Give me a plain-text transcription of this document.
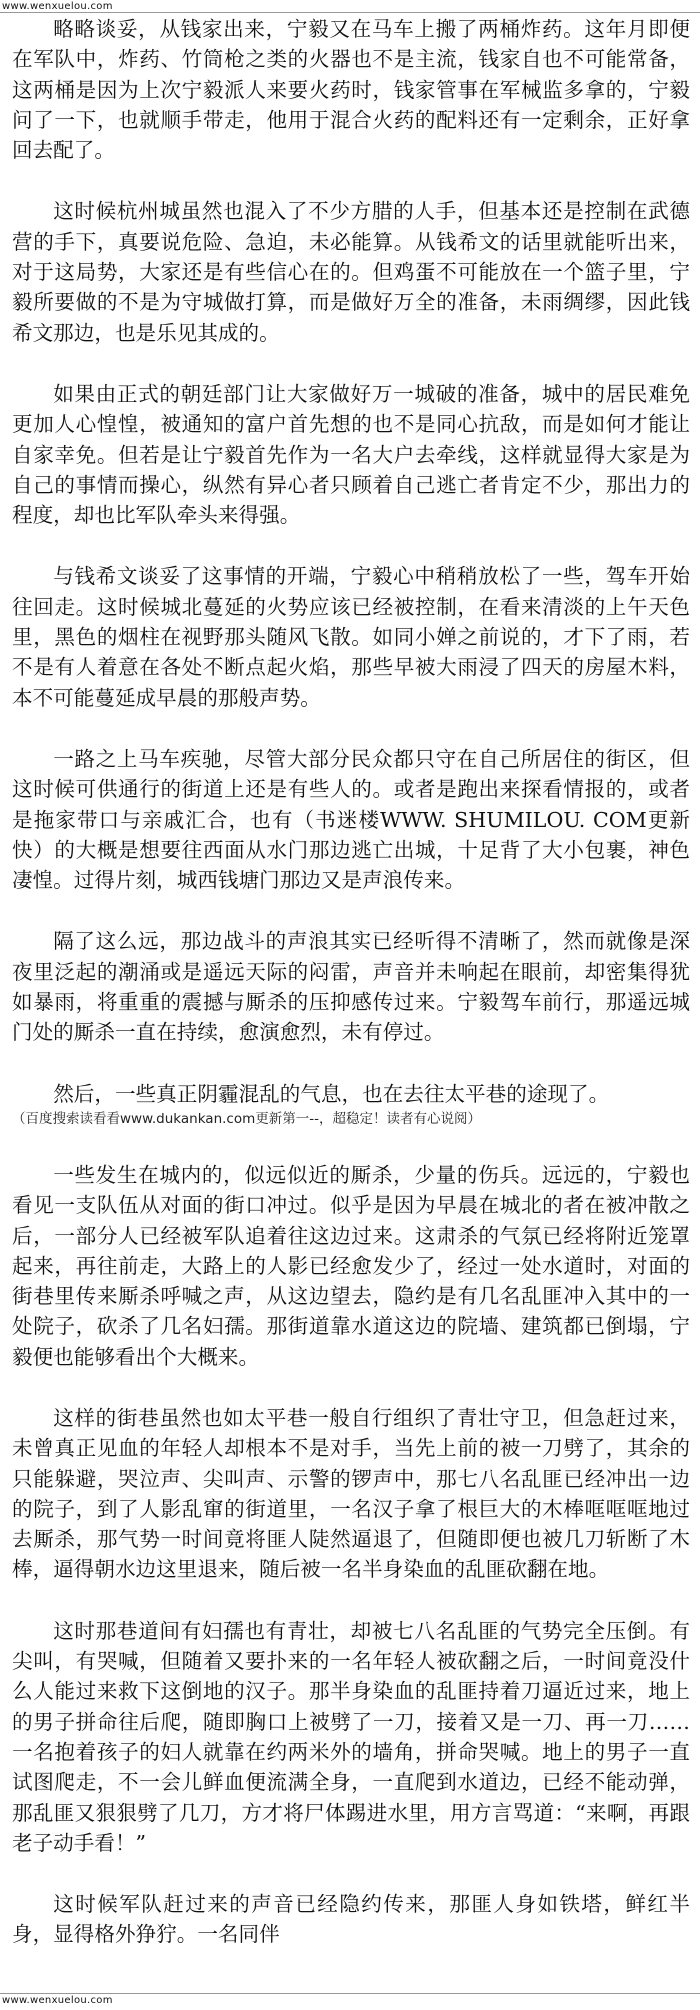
www.wenxuelou.com

略略谈妥，从钱家出来，宁毅又在马车上搬了两桶炸药。这年月即便在军队中，炸药、竹筒枪之类的火器也不是主流，钱家自也不可能常备，这两桶是因为上次宁毅派人来要火药时，钱家管事在军械监多拿的，宁毅问了一下，也就顺手带走，他用于混合火药的配料还有一定剩余，正好拿回去配了。

这时候杭州城虽然也混入了不少方腊的人手，但基本还是控制在武德营的手下，真要说危险、急迫，未必能算。从钱希文的话里就能听出来，对于这局势，大家还是有些信心在的。但鸡蛋不可能放在一个篮子里，宁毅所要做的不是为守城做打算，而是做好万全的准备，未雨绸缪，因此钱希文那边，也是乐见其成的。

如果由正式的朝廷部门让大家做好万一城破的准备，城中的居民难免更加人心惶惶，被通知的富户首先想的也不是同心抗敌，而是如何才能让自家幸免。但若是让宁毅首先作为一名大户去牵线，这样就显得大家是为自己的事情而操心，纵然有异心者只顾着自己逃亡者肯定不少，那出力的程度，却也比军队牵头来得强。

与钱希文谈妥了这事情的开端，宁毅心中稍稍放松了一些，驾车开始往回走。这时候城北蔓延的火势应该已经被控制，在看来清淡的上午天色里，黑色的烟柱在视野那头随风飞散。如同小婵之前说的，才下了雨，若不是有人着意在各处不断点起火焰，那些早被大雨浸了四天的房屋木料，本不可能蔓延成早晨的那般声势。

一路之上马车疾驰，尽管大部分民众都只守在自己所居住的街区，但这时候可供通行的街道上还是有些人的。或者是跑出来探看情报的，或者是拖家带口与亲戚汇合，也有（书迷楼WWW. SHUMILOU. COM更新快）的大概是想要往西面从水门那边逃亡出城，十足背了大小包裹，神色凄惶。过得片刻，城西钱塘门那边又是声浪传来。

隔了这么远，那边战斗的声浪其实已经听得不清晰了，然而就像是深夜里泛起的潮涌或是遥远天际的闷雷，声音并未响起在眼前，却密集得犹如暴雨，将重重的震撼与厮杀的压抑感传过来。宁毅驾车前行，那遥远城门处的厮杀一直在持续，愈演愈烈，未有停过。

然后，一些真正阴霾混乱的气息，也在去往太平巷的途现了。

（百度搜索读看看www.dukankan.com更新第一--，超稳定！读者有心说阅）

一些发生在城内的，似远似近的厮杀，少量的伤兵。远远的，宁毅也看见一支队伍从对面的街口冲过。似乎是因为早晨在城北的者在被冲散之后，一部分人已经被军队追着往这边过来。这肃杀的气氛已经将附近笼罩起来，再往前走，大路上的人影已经愈发少了，经过一处水道时，对面的街巷里传来厮杀呼喊之声，从这边望去，隐约是有几名乱匪冲入其中的一处院子，砍杀了几名妇孺。那街道靠水道这边的院墙、建筑都已倒塌，宁毅便也能够看出个大概来。

这样的街巷虽然也如太平巷一般自行组织了青壮守卫，但急赶过来，未曾真正见血的年轻人却根本不是对手，当先上前的被一刀劈了，其余的只能躲避，哭泣声、尖叫声、示警的锣声中，那七八名乱匪已经冲出一边的院子，到了人影乱窜的街道里，一名汉子拿了根巨大的木棒哐哐哐地过去厮杀，那气势一时间竟将匪人陡然逼退了，但随即便也被几刀斩断了木棒，逼得朝水边这里退来，随后被一名半身染血的乱匪砍翻在地。

这时那巷道间有妇孺也有青壮，却被七八名乱匪的气势完全压倒。有尖叫，有哭喊，但随着又要扑来的一名年轻人被砍翻之后，一时间竟没什么人能过来救下这倒地的汉子。那半身染血的乱匪持着刀逼近过来，地上的男子拼命往后爬，随即胸口上被劈了一刀，接着又是一刀、再一刀……一名抱着孩子的妇人就靠在约两米外的墙角，拼命哭喊。地上的男子一直试图爬走，不一会儿鲜血便流满全身，一直爬到水道边，已经不能动弹，那乱匪又狠狠劈了几刀，方才将尸体踢进水里，用方言骂道：“来啊，再跟老子动手看！”

这时候军队赶过来的声音已经隐约传来，那匪人身如铁塔，鲜红半身，显得格外狰狞。一名同伴

www.wenxuelou.com
